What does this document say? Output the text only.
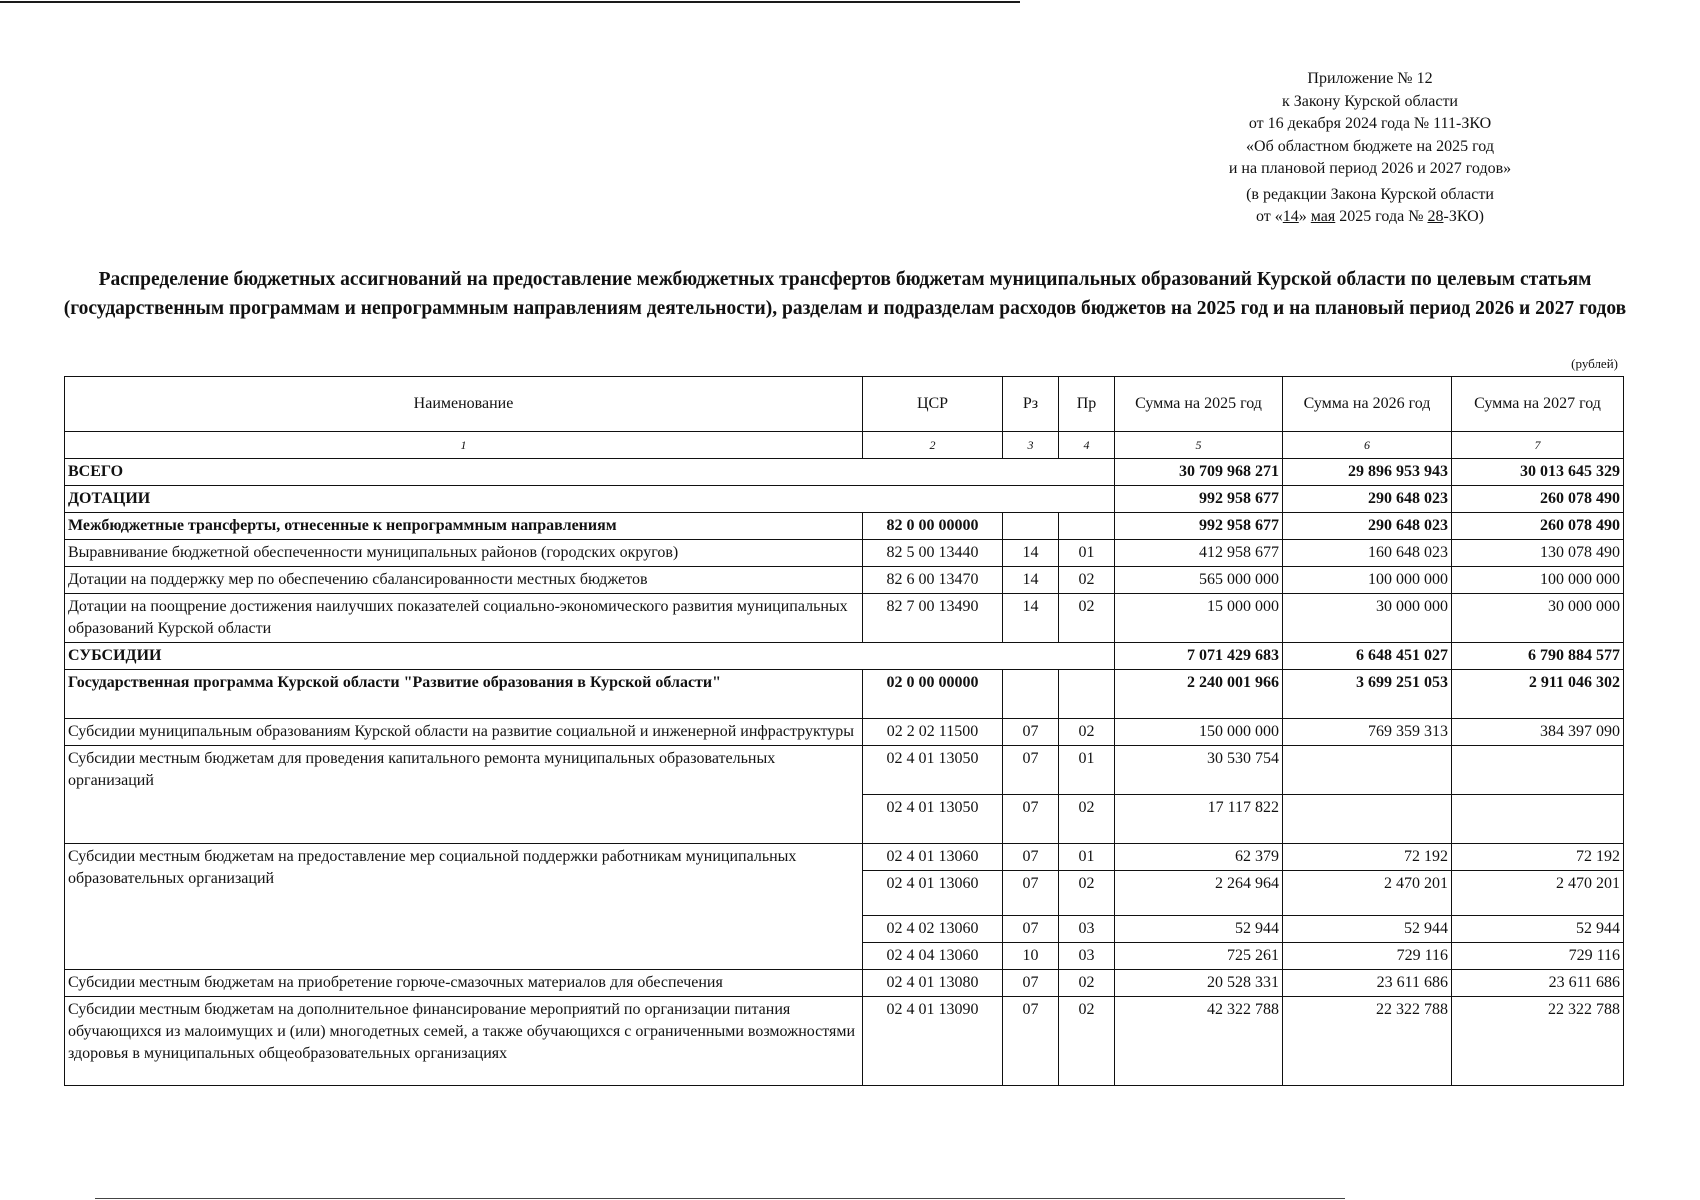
Приложение № 12
к Закону Курской области
от 16 декабря 2024 года № 111-ЗКО
«Об областном бюджете на 2025 год
и на плановой период 2026 и 2027 годов»
(в редакции Закона Курской области
от «14» мая 2025 года № 28-ЗКО)
Распределение бюджетных ассигнований на предоставление межбюджетных трансфертов бюджетам муниципальных образований Курской области по целевым статьям (государственным программам и непрограммным направлениям деятельности), разделам и подразделам расходов бюджетов на 2025 год и на плановый период 2026 и 2027 годов
(рублей)
Наименование	ЦСР	Рз	Пр	Сумма на 2025 год	Сумма на 2026 год	Сумма на 2027 год
1	2	3	4	5	6	7
ВСЕГО				30 709 968 271	29 896 953 943	30 013 645 329
ДОТАЦИИ				992 958 677	290 648 023	260 078 490
Межбюджетные трансферты, отнесенные к непрограммным направлениям	82 0 00 00000			992 958 677	290 648 023	260 078 490
Выравнивание бюджетной обеспеченности муниципальных районов (городских округов)	82 5 00 13440	14	01	412 958 677	160 648 023	130 078 490
Дотации на поддержку мер по обеспечению сбалансированности местных бюджетов	82 6 00 13470	14	02	565 000 000	100 000 000	100 000 000
Дотации на поощрение достижения наилучших показателей социально-экономического развития муниципальных образований Курской области	82 7 00 13490	14	02	15 000 000	30 000 000	30 000 000
СУБСИДИИ				7 071 429 683	6 648 451 027	6 790 884 577
Государственная программа Курской области "Развитие образования в Курской области"	02 0 00 00000			2 240 001 966	3 699 251 053	2 911 046 302
Субсидии муниципальным образованиям Курской области на развитие социальной и инженерной инфраструктуры	02 2 02 11500	07	02	150 000 000	769 359 313	384 397 090
Субсидии местным бюджетам для проведения капитального ремонта муниципальных образовательных организаций	02 4 01 13050	07	01	30 530 754		
	02 4 01 13050	07	02	17 117 822		
Субсидии местным бюджетам на предоставление мер социальной поддержки работникам муниципальных образовательных организаций	02 4 01 13060	07	01	62 379	72 192	72 192
	02 4 01 13060	07	02	2 264 964	2 470 201	2 470 201
	02 4 02 13060	07	03	52 944	52 944	52 944
	02 4 04 13060	10	03	725 261	729 116	729 116
Субсидии местным бюджетам на приобретение горюче-смазочных материалов для обеспечения	02 4 01 13080	07	02	20 528 331	23 611 686	23 611 686
Субсидии местным бюджетам на дополнительное финансирование мероприятий по организации питания обучающихся из малоимущих и (или) многодетных семей, а также обучающихся с ограниченными возможностями здоровья в муниципальных общеобразовательных организациях	02 4 01 13090	07	02	42 322 788	22 322 788	22 322 788
